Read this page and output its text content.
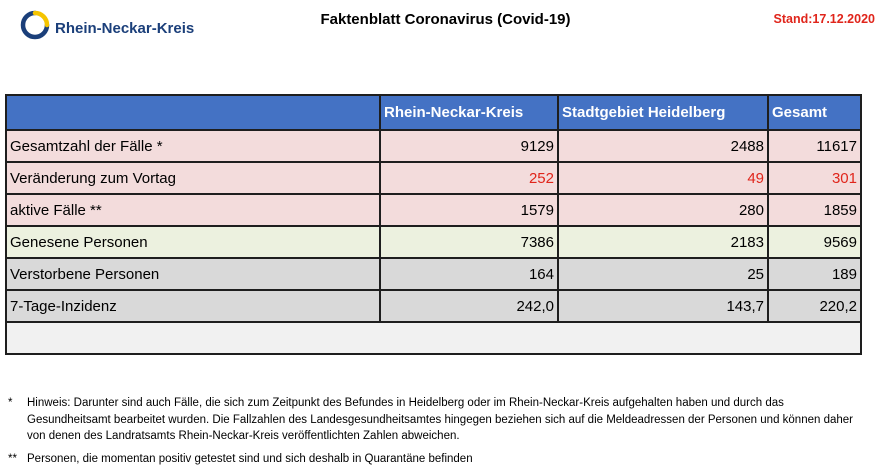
Rhein-Neckar-Kreis
Faktenblatt Coronavirus (Covid-19)	Stand:17.12.2020
	Rhein-Neckar-Kreis	Stadtgebiet Heidelberg	Gesamt
Gesamtzahl der Fälle *	9129	2488	11617
Veränderung zum Vortag	252	49	301
aktive Fälle **	1579	280	1859
Genesene Personen	7386	2183	9569
Verstorbene Personen	164	25	189
7-Tage-Inzidenz	242,0	143,7	220,2

* Hinweis: Darunter sind auch Fälle, die sich zum Zeitpunkt des Befundes in Heidelberg oder im Rhein-Neckar-Kreis aufgehalten haben und durch das Gesundheitsamt bearbeitet wurden. Die Fallzahlen des Landesgesundheitsamtes hingegen beziehen sich auf die Meldeadressen der Personen und können daher von denen des Landratsamts Rhein-Neckar-Kreis veröffentlichten Zahlen abweichen.
** Personen, die momentan positiv getestet sind und sich deshalb in Quarantäne befinden
